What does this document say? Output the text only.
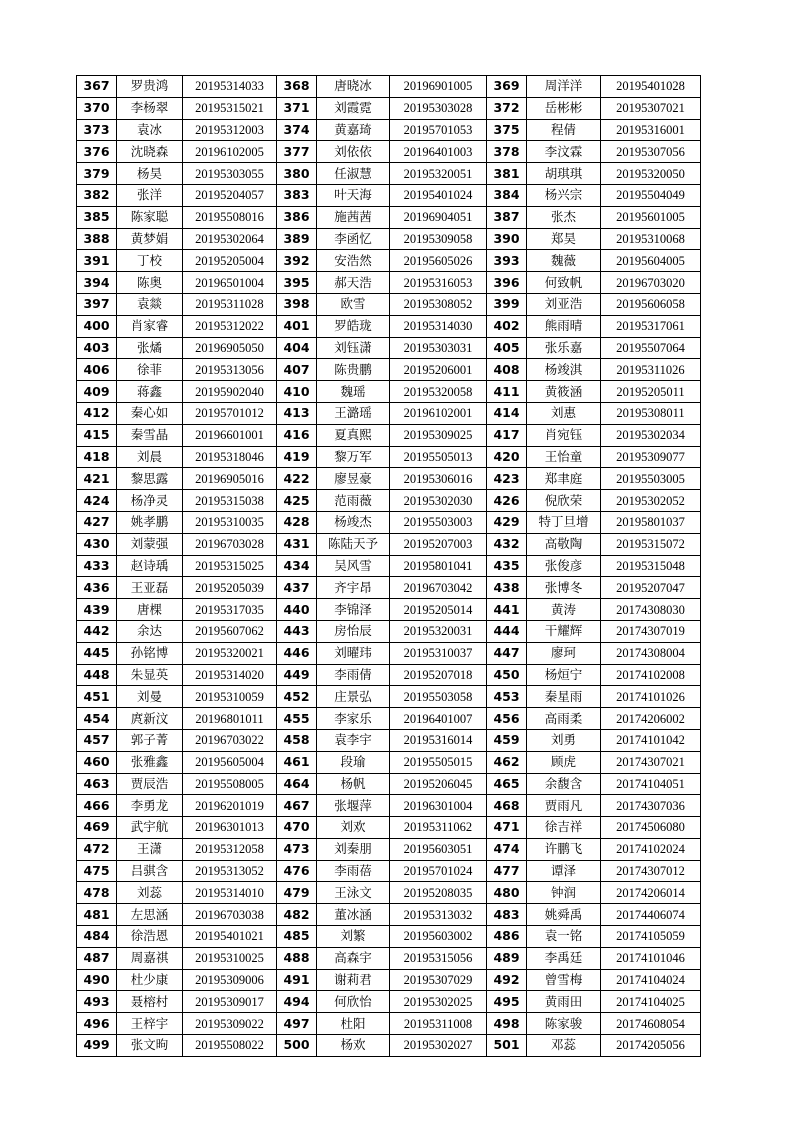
367	罗贵鸿	20195314033	368	唐晓冰	20196901005	369	周洋洋	20195401028
370	李杨翠	20195315021	371	刘霞霓	20195303028	372	岳彬彬	20195307021
373	袁冰	20195312003	374	黄嘉琦	20195701053	375	程倩	20195316001
376	沈晓森	20196102005	377	刘依依	20196401003	378	李汶霖	20195307056
379	杨昊	20195303055	380	任淑慧	20195320051	381	胡琪琪	20195320050
382	张洋	20195204057	383	叶天海	20195401024	384	杨兴宗	20195504049
385	陈家聪	20195508016	386	施茜茜	20196904051	387	张杰	20195601005
388	黄梦娟	20195302064	389	李函忆	20195309058	390	郑昊	20195310068
391	丁校	20195205004	392	安浩然	20195605026	393	魏薇	20195604005
394	陈奥	20196501004	395	郝天浩	20195316053	396	何致帆	20196703020
397	袁燚	20195311028	398	欧雪	20195308052	399	刘亚浩	20195606058
400	肖家睿	20195312022	401	罗皓珑	20195314030	402	熊雨晴	20195317061
403	张燏	20196905050	404	刘钰潇	20195303031	405	张乐嘉	20195507064
406	徐菲	20195313056	407	陈贵鹏	20195206001	408	杨竣淇	20195311026
409	蒋鑫	20195902040	410	魏瑶	20195320058	411	黄筱涵	20195205011
412	秦心如	20195701012	413	王潞瑶	20196102001	414	刘惠	20195308011
415	秦雪晶	20196601001	416	夏真熙	20195309025	417	肖宛钰	20195302034
418	刘晨	20195318046	419	黎万军	20195505013	420	王怡童	20195309077
421	黎思露	20196905016	422	廖昱豪	20195306016	423	郑聿庭	20195503005
424	杨净灵	20195315038	425	范雨薇	20195302030	426	倪欣荣	20195302052
427	姚孝鹏	20195310035	428	杨竣杰	20195503003	429	特丁旦增	20195801037
430	刘蒙强	20196703028	431	陈陆天予	20195207003	432	高敬陶	20195315072
433	赵诗瑀	20195315025	434	吴风雪	20195801041	435	张俊彦	20195315048
436	王亚磊	20195205039	437	齐宇昂	20196703042	438	张博冬	20195207047
439	唐棵	20195317035	440	李锦泽	20195205014	441	黄涛	20174308030
442	余达	20195607062	443	房怡辰	20195320031	444	干耀辉	20174307019
445	孙铭博	20195320021	446	刘曜玮	20195310037	447	廖珂	20174308004
448	朱显英	20195314020	449	李雨倩	20195207018	450	杨烜宁	20174102008
451	刘曼	20195310059	452	庄景弘	20195503058	453	秦星雨	20174101026
454	庹新汶	20196801011	455	李家乐	20196401007	456	高雨柔	20174206002
457	郭子菁	20196703022	458	袁李宇	20195316014	459	刘勇	20174101042
460	张雅鑫	20195605004	461	段瑜	20195505015	462	顾虎	20174307021
463	贾辰浩	20195508005	464	杨帆	20195206045	465	余馥含	20174104051
466	李勇龙	20196201019	467	张堰萍	20196301004	468	贾雨凡	20174307036
469	武宇航	20196301013	470	刘欢	20195311062	471	徐吉祥	20174506080
472	王潇	20195312058	473	刘秦朋	20195603051	474	许鹏飞	20174102024
475	吕骐含	20195313052	476	李雨蓓	20195701024	477	谭泽	20174307012
478	刘蕊	20195314010	479	王泳文	20195208035	480	钟润	20174206014
481	左思涵	20196703038	482	董冰涵	20195313032	483	姚舜禹	20174406074
484	徐浩恩	20195401021	485	刘繁	20195603002	486	袁一铭	20174105059
487	周嘉祺	20195310025	488	高森宇	20195315056	489	李禹廷	20174101046
490	杜少康	20195309006	491	谢莉君	20195307029	492	曾雪梅	20174104024
493	聂榕村	20195309017	494	何欣怡	20195302025	495	黄雨田	20174104025
496	王梓宇	20195309022	497	杜阳	20195311008	498	陈家骏	20174608054
499	张文昫	20195508022	500	杨欢	20195302027	501	邓蕊	20174205056
